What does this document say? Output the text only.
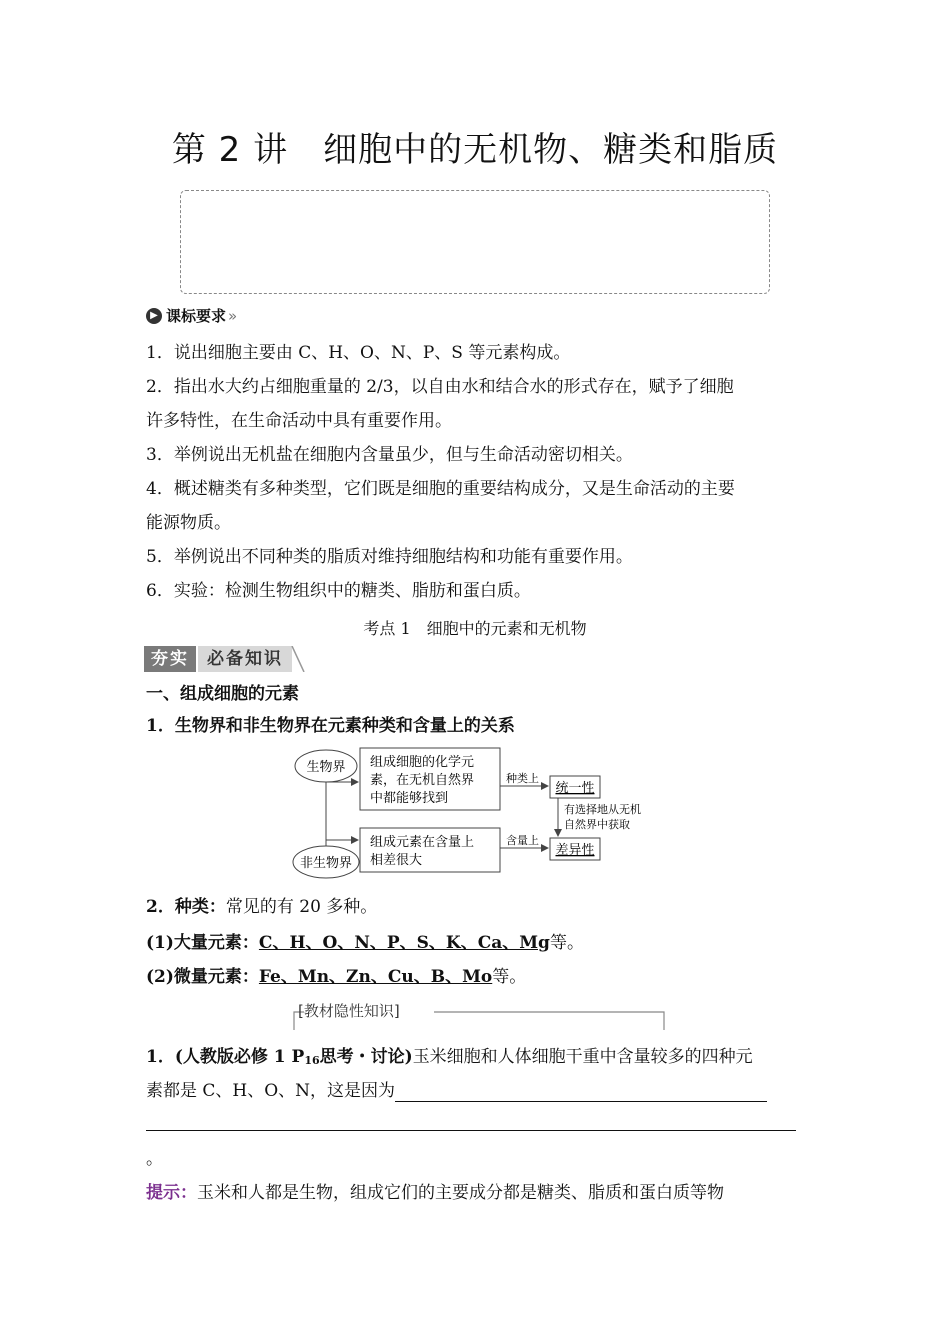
第 2 讲　细胞中的无机物、糖类和脂质
▶ 课标要求 »
1．说出细胞主要由 C、H、O、N、P、S 等元素构成。
2．指出水大约占细胞重量的 2/3，以自由水和结合水的形式存在，赋予了细胞
许多特性，在生命活动中具有重要作用。
3．举例说出无机盐在细胞内含量虽少，但与生命活动密切相关。
4．概述糖类有多种类型，它们既是细胞的重要结构成分，又是生命活动的主要
能源物质。
5．举例说出不同种类的脂质对维持细胞结构和功能有重要作用。
6．实验：检测生物组织中的糖类、脂肪和蛋白质。
考点 1　细胞中的元素和无机物
夯实	必备知识
一、组成细胞的元素
1．生物界和非生物界在元素种类和含量上的关系
生物界
非生物界
组成细胞的化学元
素，在无机自然界
中都能够找到
组成元素在含量上
相差很大
种类上
含量上
统一性
差异性
有选择地从无机
自然界中获取
2．种类：常见的有 20 多种。
(1)大量元素：C、H、O、N、P、S、K、Ca、Mg等。
(2)微量元素：Fe、Mn、Zn、Cu、B、Mo等。
[教材隐性知识]
1．(人教版必修 1 P16思考・讨论)玉米细胞和人体细胞干重中含量较多的四种元
素都是 C、H、O、N，这是因为
。
提示：玉米和人都是生物，组成它们的主要成分都是糖类、脂质和蛋白质等物
